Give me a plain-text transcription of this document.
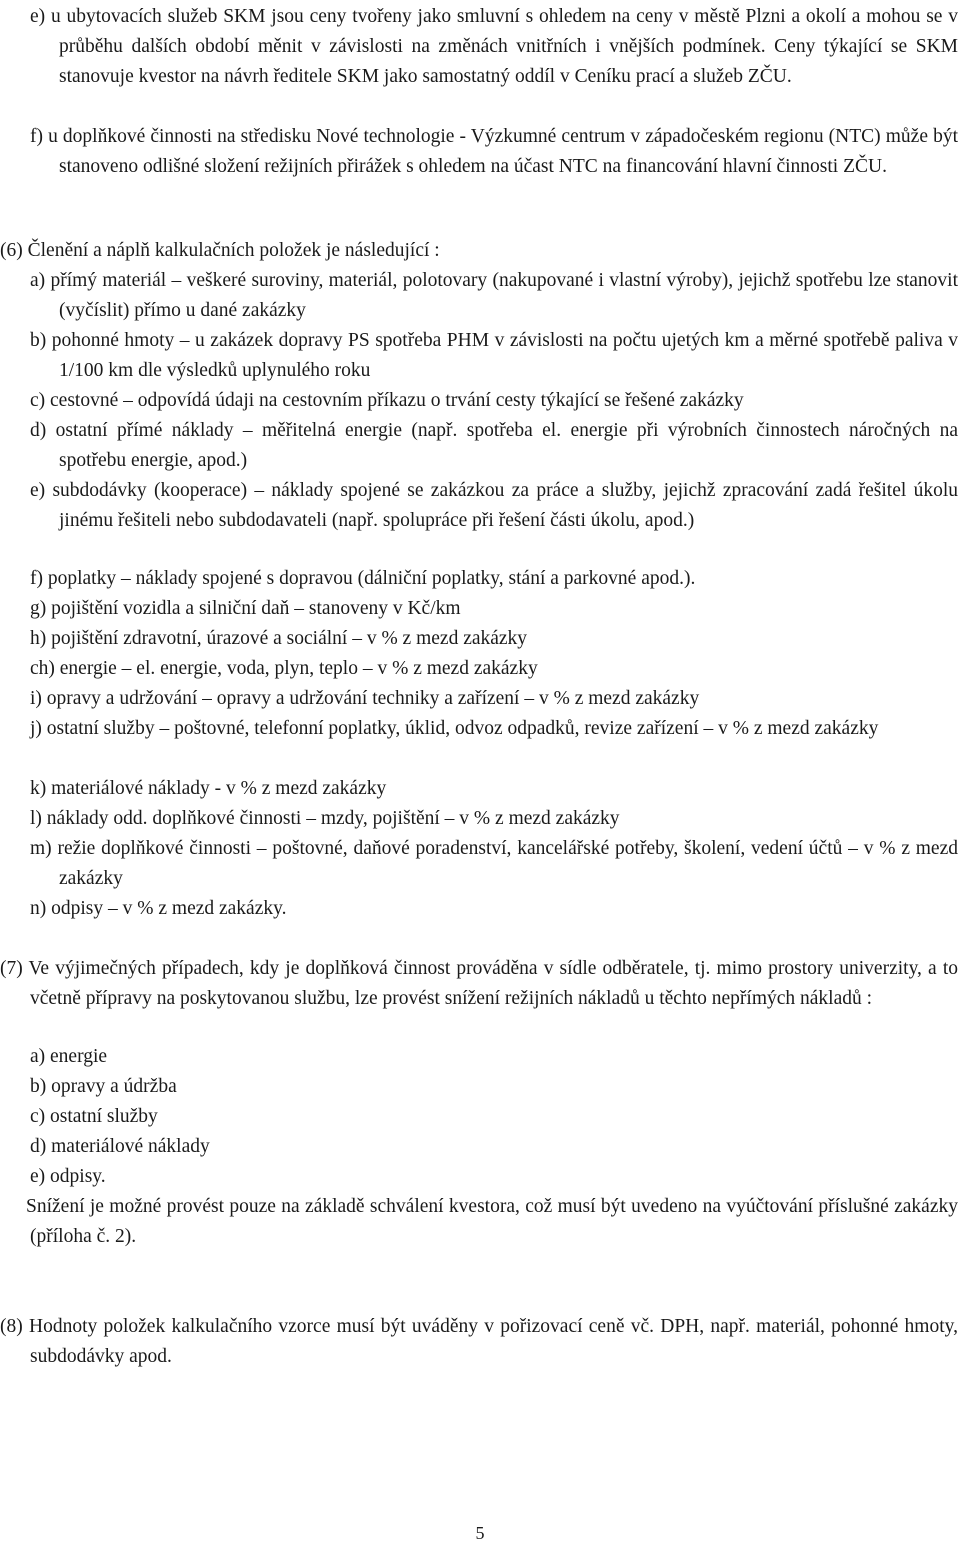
e) u ubytovacích služeb SKM jsou ceny tvořeny jako smluvní s ohledem na ceny v městě Plzni a okolí a mohou se v průběhu dalších období měnit v závislosti na změnách vnitřních i vnějších podmínek. Ceny týkající se SKM stanovuje kvestor na návrh ředitele SKM jako samostatný oddíl v Ceníku prací a služeb ZČU.
f) u doplňkové činnosti na středisku Nové technologie - Výzkumné centrum v západočeském regionu (NTC) může být stanoveno odlišné složení režijních přirážek s ohledem na účast NTC na financování hlavní činnosti ZČU.
(6) Členění a náplň kalkulačních položek je následující :
a) přímý materiál – veškeré suroviny, materiál, polotovary (nakupované i vlastní výroby), jejichž spotřebu lze stanovit (vyčíslit) přímo u dané zakázky
b) pohonné hmoty – u zakázek dopravy PS spotřeba PHM v závislosti na počtu ujetých km a měrné spotřebě paliva v 1/100 km dle výsledků uplynulého roku
c) cestovné – odpovídá údaji na cestovním příkazu o trvání cesty týkající se řešené zakázky
d) ostatní přímé náklady – měřitelná energie (např. spotřeba el. energie při výrobních činnostech náročných na spotřebu energie, apod.)
e) subdodávky (kooperace) – náklady spojené se zakázkou za práce a služby, jejichž zpracování zadá řešitel úkolu jinému řešiteli nebo subdodavateli (např. spolupráce při řešení části úkolu, apod.)
f) poplatky – náklady spojené s dopravou (dálniční poplatky, stání a parkovné apod.).
g) pojištění vozidla a silniční daň – stanoveny v Kč/km
h) pojištění zdravotní, úrazové a sociální – v % z mezd zakázky
ch) energie – el. energie, voda, plyn, teplo – v % z mezd zakázky
i) opravy a udržování – opravy a udržování techniky a zařízení – v % z mezd zakázky
j) ostatní služby – poštovné, telefonní poplatky, úklid, odvoz odpadků, revize zařízení – v % z mezd zakázky
k) materiálové náklady - v % z mezd zakázky
l) náklady odd. doplňkové činnosti – mzdy, pojištění – v % z mezd zakázky
m) režie doplňkové činnosti – poštovné, daňové poradenství, kancelářské potřeby, školení, vedení účtů – v % z mezd zakázky
n) odpisy – v % z mezd zakázky.
(7) Ve výjimečných případech, kdy je doplňková činnost prováděna v sídle odběratele, tj. mimo prostory univerzity, a to včetně přípravy na poskytovanou službu, lze provést snížení režijních nákladů u těchto nepřímých nákladů :
a) energie
b) opravy a údržba
c) ostatní služby
d) materiálové náklady
e) odpisy.
Snížení je možné provést pouze na základě schválení kvestora, což musí být uvedeno na vyúčtování příslušné zakázky (příloha č. 2).
(8) Hodnoty položek kalkulačního vzorce musí být uváděny v pořizovací ceně vč. DPH, např. materiál, pohonné hmoty, subdodávky apod.
5
